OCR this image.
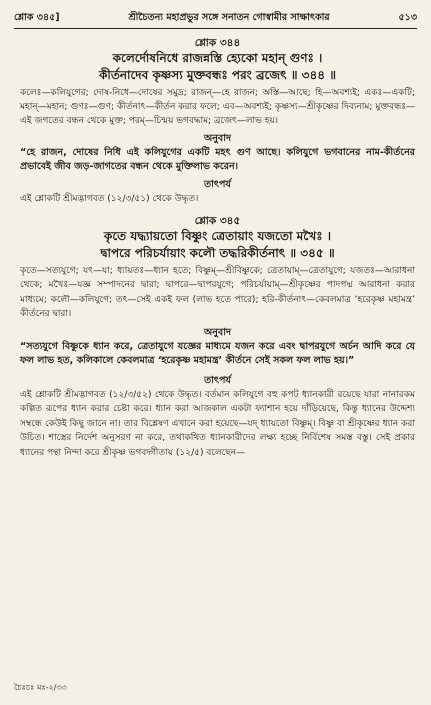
শ্লোক ৩৪৫]	শ্রীচৈতন্য মহাপ্রভুর সঙ্গে সনাতন গোস্বামীর সাক্ষাৎকার	৫১৩

শ্লোক ৩৪৪

কলের্দোষনিধে রাজন্নস্তি হ্যেকো মহান্ গুণঃ ।

কীর্তনাদেব কৃষ্ণস্য মুক্তবন্ধঃ পরং ব্রজেৎ ॥ ৩৪৪ ॥

কলেঃ—কলিযুগের; দোষ-নিধে—দোষের সমুদ্র; রাজন্—হে রাজন; অস্তি—আছে; হি—অবশ্যই; একঃ—একটি; মহান্—মহান; গুণঃ—গুণ; কীর্তনাৎ—কীর্তন করার ফলে; এব—অবশ্যই; কৃষ্ণস্য—শ্রীকৃষ্ণের দিব্যনাম; মুক্তবন্ধঃ—এই জগতের বন্ধন থেকে মুক্ত; পরম্—চিন্ময় ভগবদ্ধাম; ব্রজেৎ—লাভ হয়।

অনুবাদ

“হে রাজন, দোষের নিধি এই কলিযুগের একটি মহৎ গুণ আছে। কলিযুগে ভগবানের নাম-কীর্তনের প্রভাবেই জীব জড়-জাগতের বন্ধন থেকে মুক্তিলাভ করেন।

তাৎপর্য

এই শ্লোকটি শ্রীমদ্ভাগবত (১২/৩/৫১) থেকে উদ্ধৃত।

শ্লোক ৩৪৫

কৃতে যদ্ধ্যায়তো বিষ্ণুং ত্রেতায়াং যজতো মখৈঃ ।

দ্বাপরে পরিচর্যায়াং কলৌ তদ্ধরিকীর্তনাৎ ॥ ৩৪৫ ॥

কৃতে—সত্যযুগে; যৎ—যা; ধ্যায়তঃ—ধ্যান হতে; বিষ্ণুম্—শ্রীবিষ্ণুকে; ত্রেতায়াম্—ত্রেতাযুগে; যজতঃ—আরাধনা থেকে; মখৈঃ—যজ্ঞ সম্পাদনের দ্বারা; দ্বাপরে—দ্বাপরযুগে; পরিচর্যায়াম্—শ্রীকৃষ্ণের পাদপদ্ম আরাধনা করার মাধ্যমে; কলৌ—কলিযুগে; তৎ—সেই একই ফল (লাভ হতে পারে); হরি-কীর্তনাৎ—কেবলমাত্র ‘হরেকৃষ্ণ মহামন্ত্র’ কীর্তনের দ্বারা।

অনুবাদ

“সত্যযুগে বিষ্ণুকে ধ্যান করে, ত্রেতাযুগে যজ্ঞের মাধ্যমে যজন করে এবং দ্বাপরযুগে অর্চন আদি করে যে ফল লাভ হত, কলিকালে কেবলমাত্র ‘হরেকৃষ্ণ মহামন্ত্র’ কীর্তনে সেই সকল ফল লাভ হয়।”

তাৎপর্য

এই শ্লোকটি শ্রীমদ্ভাগবত (১২/৩/৫২) থেকে উদ্ধৃত। বর্তমান কলিযুগে বহু কপট ধ্যানকারী রয়েছে যারা নানারকম কল্পিত রূপের ধ্যান করার চেষ্টা করে। ধ্যান করা আজকাল একটা ফ্যাশান হয়ে দাঁড়িয়েছে, কিন্তু ধ্যানের উদ্দেশ্য সম্বন্ধে কেউই কিছু জানে না। তার বিশ্লেষণ এখানে করা হয়েছে—যদ্ ধ্যায়তো বিষ্ণুম্। বিষ্ণু বা শ্রীকৃষ্ণের ধ্যান করা উচিত। শাস্ত্রের নির্দেশ অনুসরণ না করে, তথাকথিত ধ্যানকারীদের লক্ষ্য হচ্ছে নির্বিশেষ সমস্ত বস্তু। সেই প্রকার ধ্যানের পন্থা নিন্দা করে শ্রীকৃষ্ণ ভগবদ্গীতায় (১২/৫) বলেছেন—

চৈঃচঃ মঃ-২/৩৩
